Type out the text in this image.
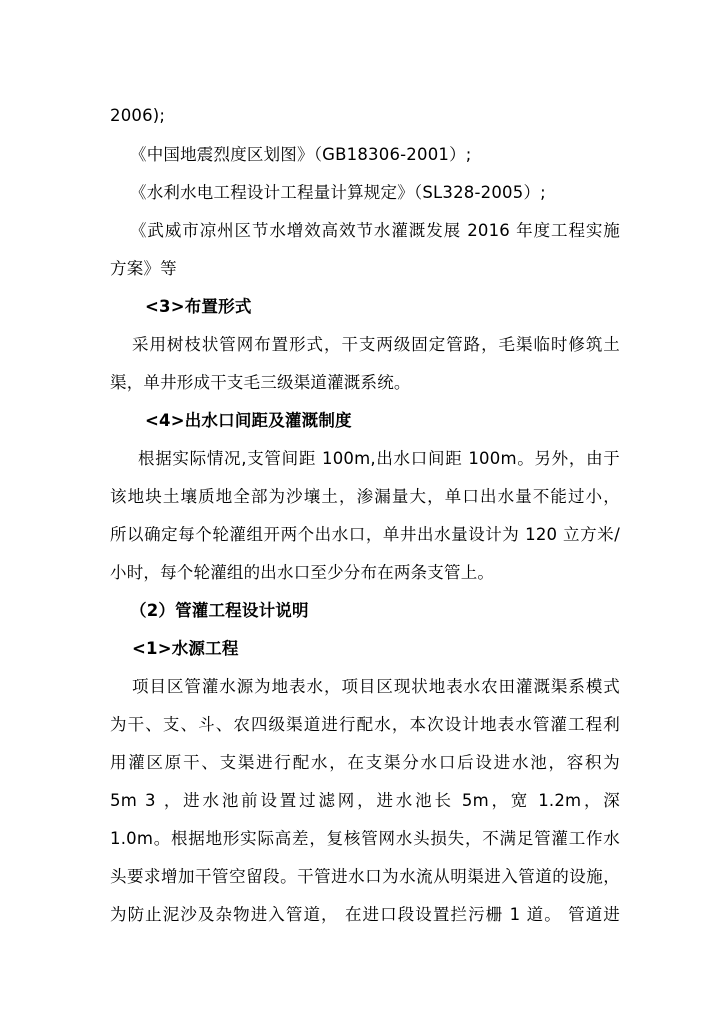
2006);
《中国地震烈度区划图》（GB18306-2001）;
《水利水电工程设计工程量计算规定》（SL328-2005）;
《武威市凉州区节水增效高效节水灌溉发展 2016 年度工程实施
方案》等
<3>布置形式
采用树枝状管网布置形式，干支两级固定管路，毛渠临时修筑土
渠，单井形成干支毛三级渠道灌溉系统。
<4>出水口间距及灌溉制度
根据实际情况,支管间距 100m,出水口间距 100m。另外，由于
该地块土壤质地全部为沙壤土，渗漏量大，单口出水量不能过小，
所以确定每个轮灌组开两个出水口，单井出水量设计为 120 立方米/
小时，每个轮灌组的出水口至少分布在两条支管上。
（2）管灌工程设计说明
<1>水源工程
项目区管灌水源为地表水，项目区现状地表水农田灌溉渠系模式
为干、支、斗、农四级渠道进行配水，本次设计地表水管灌工程利
用灌区原干、支渠进行配水，在支渠分水口后设进水池，容积为
5m 3 ，进水池前设置过滤网，进水池长 5m，宽 1.2m，深
1.0m。根据地形实际高差，复核管网水头损失，不满足管灌工作水
头要求增加干管空留段。干管进水口为水流从明渠进入管道的设施，
为防止泥沙及杂物进入管道， 在进口段设置拦污栅 1 道。 管道进
